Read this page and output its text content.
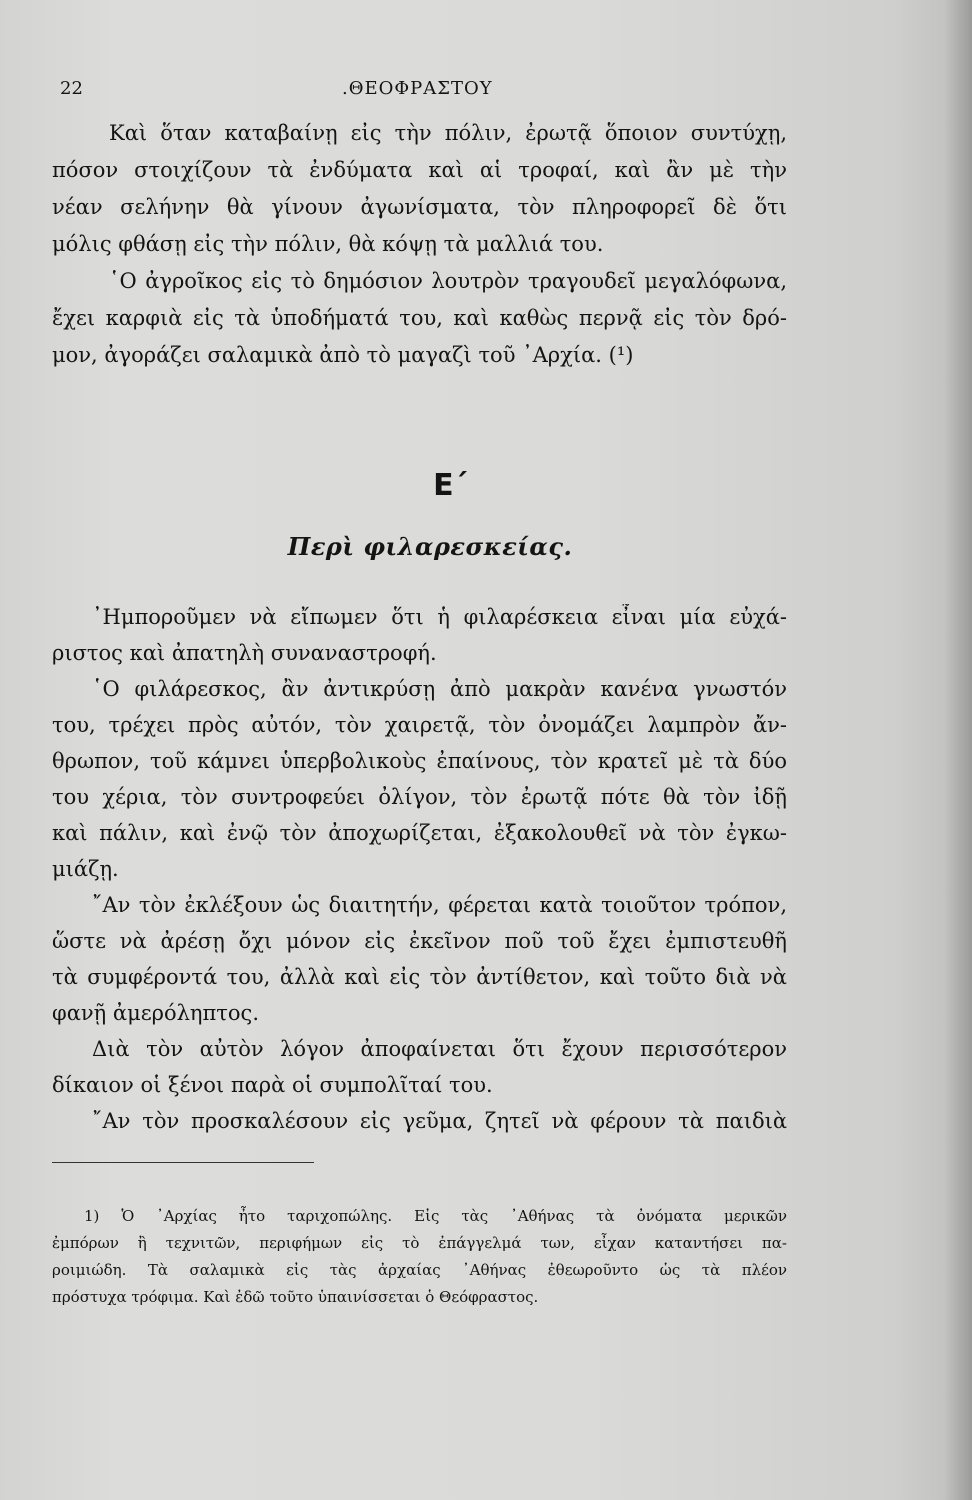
22	.ΘΕΟΦΡΑΣΤΟΥ
Καὶ ὅταν καταβαίνῃ εἰς τὴν πόλιν, ἐρωτᾷ ὅποιον συντύχῃ,
πόσον στοιχίζουν τὰ ἐνδύματα καὶ αἱ τροφαί, καὶ ἂν μὲ τὴν
νέαν σελήνην θὰ γίνουν ἀγωνίσματα, τὸν πληροφορεῖ δὲ ὅτι
μόλις φθάσῃ εἰς τὴν πόλιν, θὰ κόψῃ τὰ μαλλιά του.
῾Ο ἀγροῖκος εἰς τὸ δημόσιον λουτρὸν τραγουδεῖ μεγαλόφωνα,
ἔχει καρφιὰ εἰς τὰ ὑποδήματά του, καὶ καθὼς περνᾷ εἰς τὸν δρό-
μον, ἀγοράζει σαλαμικὰ ἀπὸ τὸ μαγαζὶ τοῦ ᾿Αρχία. (¹)
Ε΄
Περὶ φιλαρεσκείας.
᾿Ημποροῦμεν νὰ εἴπωμεν ὅτι ἡ φιλαρέσκεια εἶναι μία εὐχά-
ριστος καὶ ἀπατηλὴ συναναστροφή.
῾Ο φιλάρεσκος, ἂν ἀντικρύσῃ ἀπὸ μακρὰν κανένα γνωστόν
του, τρέχει πρὸς αὐτόν, τὸν χαιρετᾷ, τὸν ὀνομάζει λαμπρὸν ἄν-
θρωπον, τοῦ κάμνει ὑπερβολικοὺς ἐπαίνους, τὸν κρατεῖ μὲ τὰ δύο
του χέρια, τὸν συντροφεύει ὀλίγον, τὸν ἐρωτᾷ πότε θὰ τὸν ἰδῇ
καὶ πάλιν, καὶ ἐνῷ τὸν ἀποχωρίζεται, ἐξακολουθεῖ νὰ τὸν ἐγκω-
μιάζῃ.
῎Αν τὸν ἐκλέξουν ὡς διαιτητήν, φέρεται κατὰ τοιοῦτον τρόπον,
ὥστε νὰ ἀρέσῃ ὄχι μόνον εἰς ἐκεῖνον ποῦ τοῦ ἔχει ἐμπιστευθῆ
τὰ συμφέροντά του, ἀλλὰ καὶ εἰς τὸν ἀντίθετον, καὶ τοῦτο διὰ νὰ
φανῇ ἀμερόληπτος.
Διὰ τὸν αὐτὸν λόγον ἀποφαίνεται ὅτι ἔχουν περισσότερον
δίκαιον οἱ ξένοι παρὰ οἱ συμπολῖταί του.
῎Αν τὸν προσκαλέσουν εἰς γεῦμα, ζητεῖ νὰ φέρουν τὰ παιδιὰ
1) Ὁ ᾿Αρχίας ἦτο ταριχοπώλης. Εἰς τὰς ᾿Αθήνας τὰ ὀνόματα μερικῶν
ἐμπόρων ἢ τεχνιτῶν, περιφήμων εἰς τὸ ἐπάγγελμά των, εἶχαν καταντήσει πα-
ροιμιώδη. Τὰ σαλαμικὰ εἰς τὰς ἀρχαίας ᾿Αθήνας ἐθεωροῦντο ὡς τὰ πλέον
πρόστυχα τρόφιμα. Καὶ ἐδῶ τοῦτο ὑπαινίσσεται ὁ Θεόφραστος.
